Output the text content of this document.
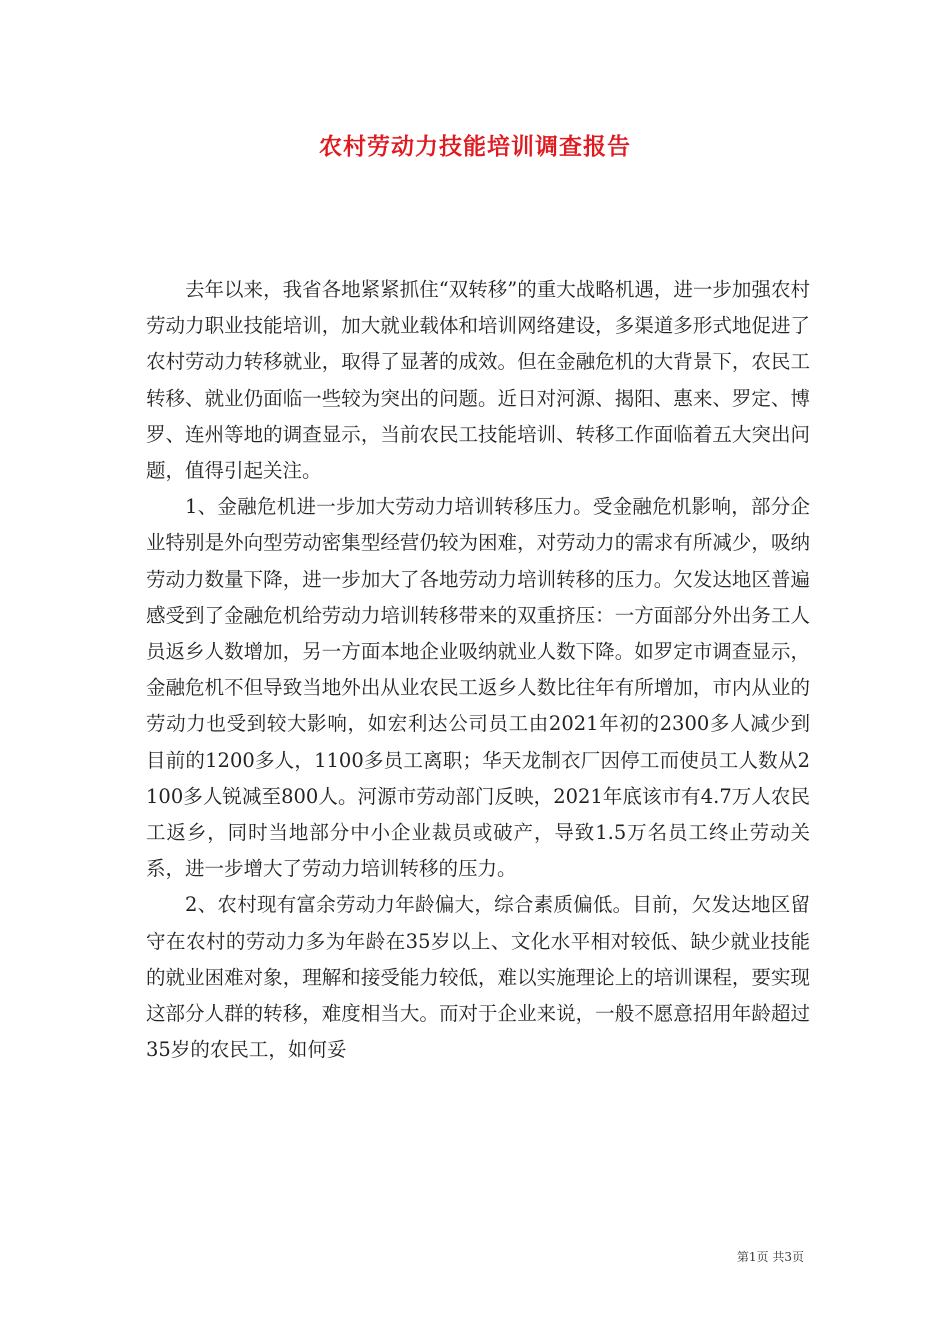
农村劳动力技能培训调查报告

去年以来，我省各地紧紧抓住“双转移”的重大战略机遇，进一步加强农村劳动力职业技能培训，加大就业载体和培训网络建设，多渠道多形式地促进了农村劳动力转移就业，取得了显著的成效。但在金融危机的大背景下，农民工转移、就业仍面临一些较为突出的问题。近日对河源、揭阳、惠来、罗定、博罗、连州等地的调查显示，当前农民工技能培训、转移工作面临着五大突出问题，值得引起关注。

1、金融危机进一步加大劳动力培训转移压力。受金融危机影响，部分企业特别是外向型劳动密集型经营仍较为困难，对劳动力的需求有所减少，吸纳劳动力数量下降，进一步加大了各地劳动力培训转移的压力。欠发达地区普遍感受到了金融危机给劳动力培训转移带来的双重挤压：一方面部分外出务工人员返乡人数增加，另一方面本地企业吸纳就业人数下降。如罗定市调查显示，金融危机不但导致当地外出从业农民工返乡人数比往年有所增加，市内从业的劳动力也受到较大影响，如宏利达公司员工由2021年初的2300多人减少到目前的1200多人，1100多员工离职；华天龙制衣厂因停工而使员工人数从2100多人锐减至800人。河源市劳动部门反映，2021年底该市有4.7万人农民工返乡，同时当地部分中小企业裁员或破产，导致1.5万名员工终止劳动关系，进一步增大了劳动力培训转移的压力。

2、农村现有富余劳动力年龄偏大，综合素质偏低。目前，欠发达地区留守在农村的劳动力多为年龄在35岁以上、文化水平相对较低、缺少就业技能的就业困难对象，理解和接受能力较低，难以实施理论上的培训课程，要实现这部分人群的转移，难度相当大。而对于企业来说，一般不愿意招用年龄超过35岁的农民工，如何妥

第1页 共3页
